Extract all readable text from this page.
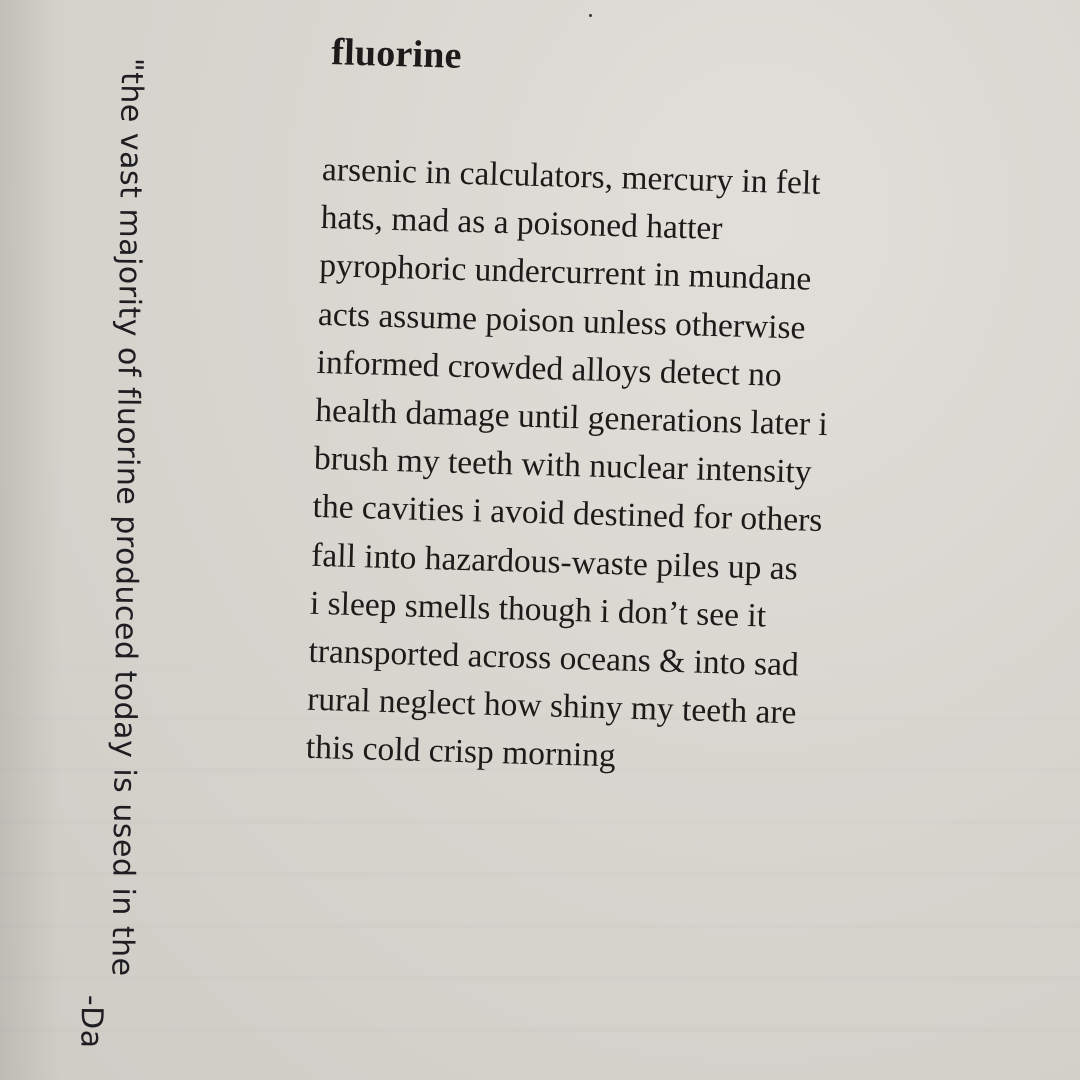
fluorine
arsenic in calculators, mercury in felt
hats, mad as a poisoned hatter
pyrophoric undercurrent in mundane
acts assume poison unless otherwise
informed crowded alloys detect no
health damage until generations later i
brush my teeth with nuclear intensity
the cavities i avoid destined for others
fall into hazardous-waste piles up as
i sleep smells though i don’t see it
transported across oceans & into sad
rural neglect how shiny my teeth are
this cold crisp morning
"the vast majority of fluorine produced today is used in the
-Da
